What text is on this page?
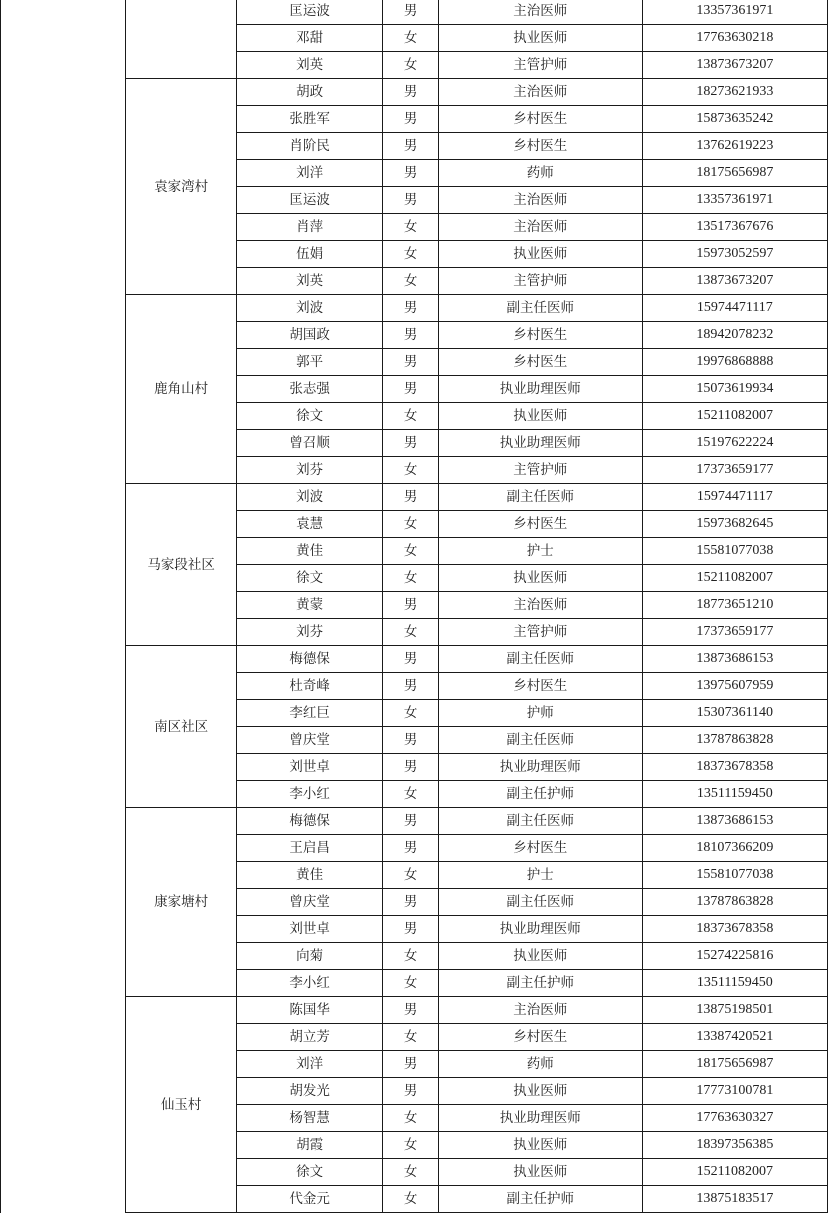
		匡运波	男	主治医师	13357361971
		邓甜	女	执业医师	17763630218
		刘英	女	主管护师	13873673207
	袁家湾村	胡政	男	主治医师	18273621933
		张胜军	男	乡村医生	15873635242
		肖阶民	男	乡村医生	13762619223
		刘洋	男	药师	18175656987
		匡运波	男	主治医师	13357361971
		肖萍	女	主治医师	13517367676
		伍娟	女	执业医师	15973052597
		刘英	女	主管护师	13873673207
	鹿角山村	刘波	男	副主任医师	15974471117
		胡国政	男	乡村医生	18942078232
		郭平	男	乡村医生	19976868888
		张志强	男	执业助理医师	15073619934
		徐文	女	执业医师	15211082007
		曾召顺	男	执业助理医师	15197622224
		刘芬	女	主管护师	17373659177
	马家段社区	刘波	男	副主任医师	15974471117
		袁慧	女	乡村医生	15973682645
		黄佳	女	护士	15581077038
		徐文	女	执业医师	15211082007
		黄蒙	男	主治医师	18773651210
		刘芬	女	主管护师	17373659177
	南区社区	梅德保	男	副主任医师	13873686153
		杜奇峰	男	乡村医生	13975607959
		李红巨	女	护师	15307361140
		曾庆堂	男	副主任医师	13787863828
		刘世卓	男	执业助理医师	18373678358
		李小红	女	副主任护师	13511159450
	康家塘村	梅德保	男	副主任医师	13873686153
		王启昌	男	乡村医生	18107366209
		黄佳	女	护士	15581077038
		曾庆堂	男	副主任医师	13787863828
		刘世卓	男	执业助理医师	18373678358
		向菊	女	执业医师	15274225816
		李小红	女	副主任护师	13511159450
	仙玉村	陈国华	男	主治医师	13875198501
		胡立芳	女	乡村医生	13387420521
		刘洋	男	药师	18175656987
		胡发光	男	执业医师	17773100781
		杨智慧	女	执业助理医师	17763630327
		胡霞	女	执业医师	18397356385
		徐文	女	执业医师	15211082007
		代金元	女	副主任护师	13875183517
